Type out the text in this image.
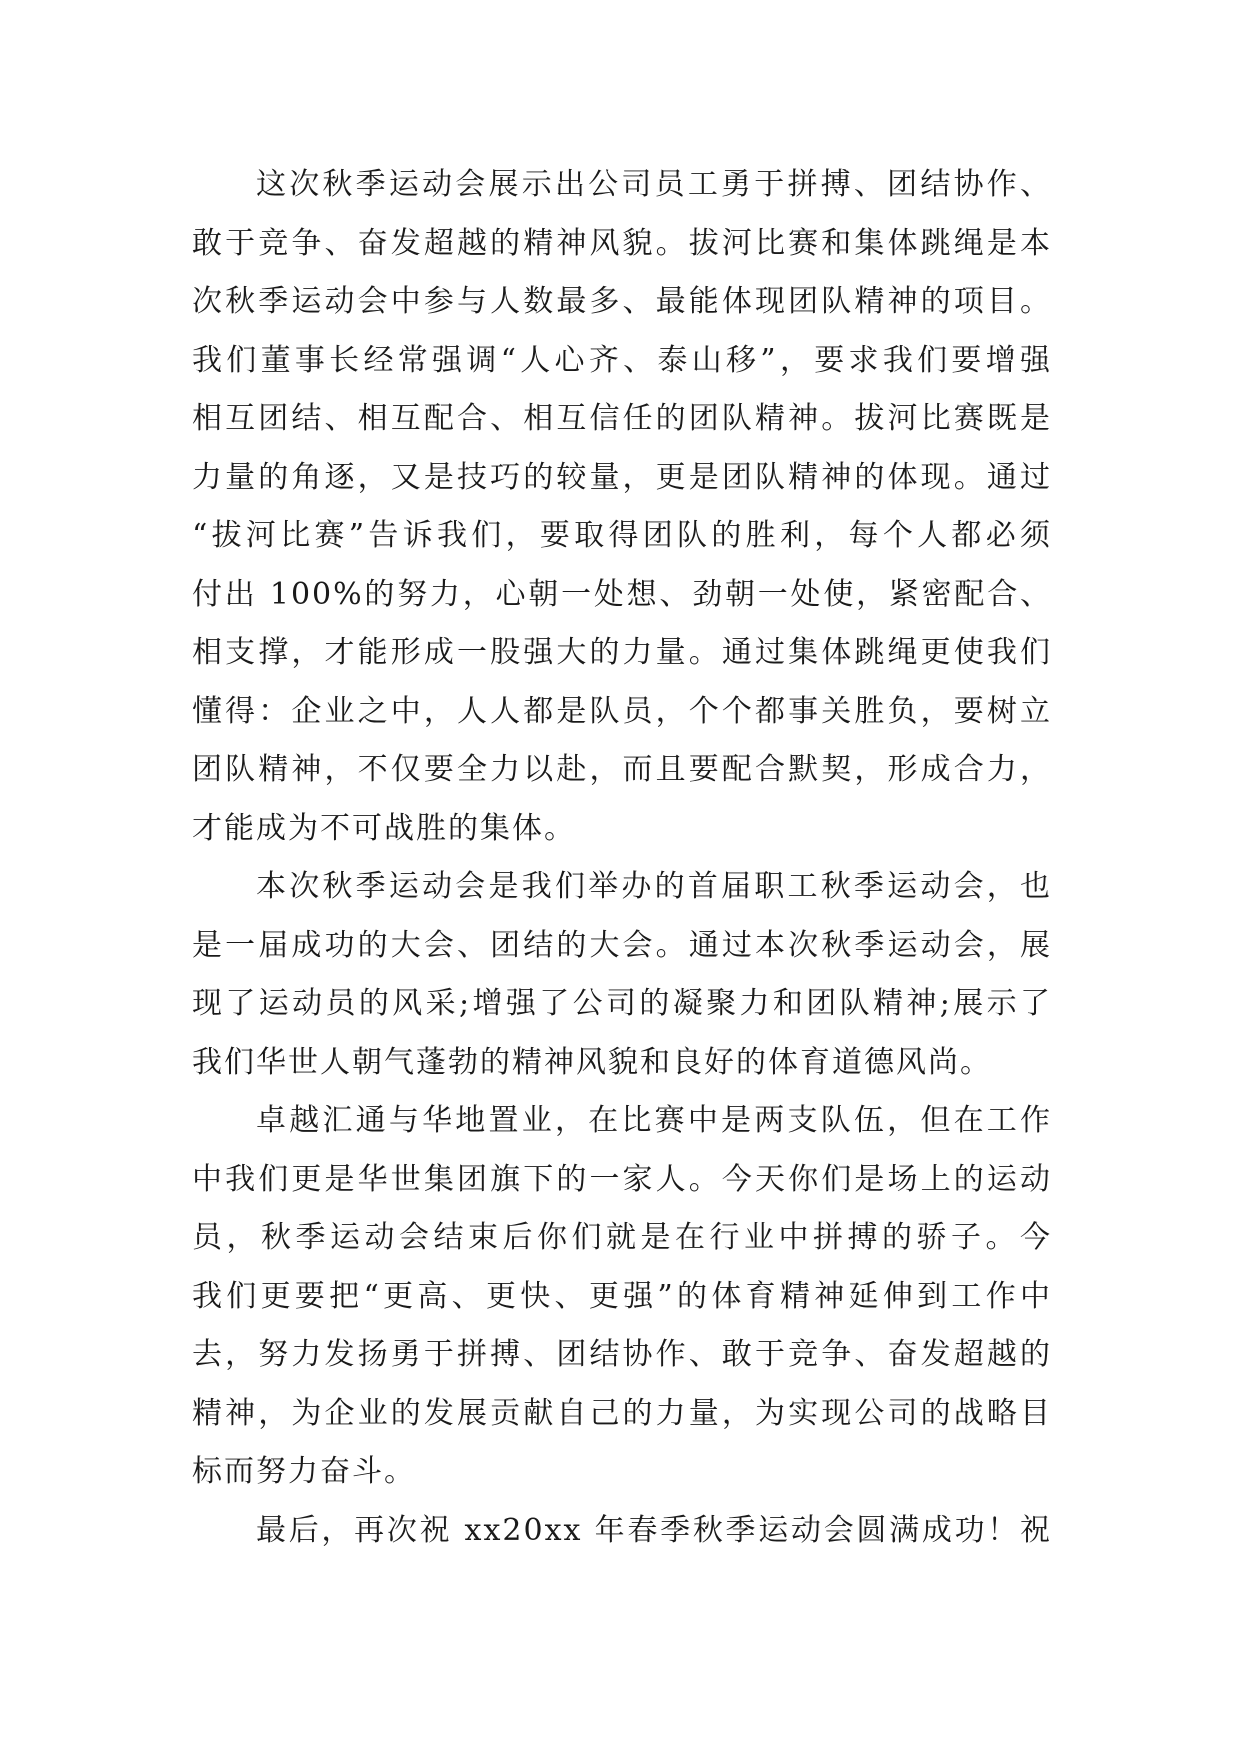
这次秋季运动会展示出公司员工勇于拼搏、团结协作、
敢于竞争、奋发超越的精神风貌。拔河比赛和集体跳绳是本
次秋季运动会中参与人数最多、最能体现团队精神的项目。
我们董事长经常强调“人心齐、泰山移”，要求我们要增强
相互团结、相互配合、相互信任的团队精神。拔河比赛既是
力量的角逐，又是技巧的较量，更是团队精神的体现。通过
“拔河比赛”告诉我们，要取得团队的胜利，每个人都必须
付出 100%的努力，心朝一处想、劲朝一处使，紧密配合、
相支撑，才能形成一股强大的力量。通过集体跳绳更使我们
懂得：企业之中，人人都是队员，个个都事关胜负，要树立
团队精神，不仅要全力以赴，而且要配合默契，形成合力，
才能成为不可战胜的集体。
本次秋季运动会是我们举办的首届职工秋季运动会，也
是一届成功的大会、团结的大会。通过本次秋季运动会，展
现了运动员的风采;增强了公司的凝聚力和团队精神;展示了
我们华世人朝气蓬勃的精神风貌和良好的体育道德风尚。
卓越汇通与华地置业，在比赛中是两支队伍，但在工作
中我们更是华世集团旗下的一家人。今天你们是场上的运动
员，秋季运动会结束后你们就是在行业中拼搏的骄子。今
我们更要把“更高、更快、更强”的体育精神延伸到工作中
去，努力发扬勇于拼搏、团结协作、敢于竞争、奋发超越的
精神，为企业的发展贡献自己的力量，为实现公司的战略目
标而努力奋斗。
最后，再次祝 xx20xx 年春季秋季运动会圆满成功！祝
